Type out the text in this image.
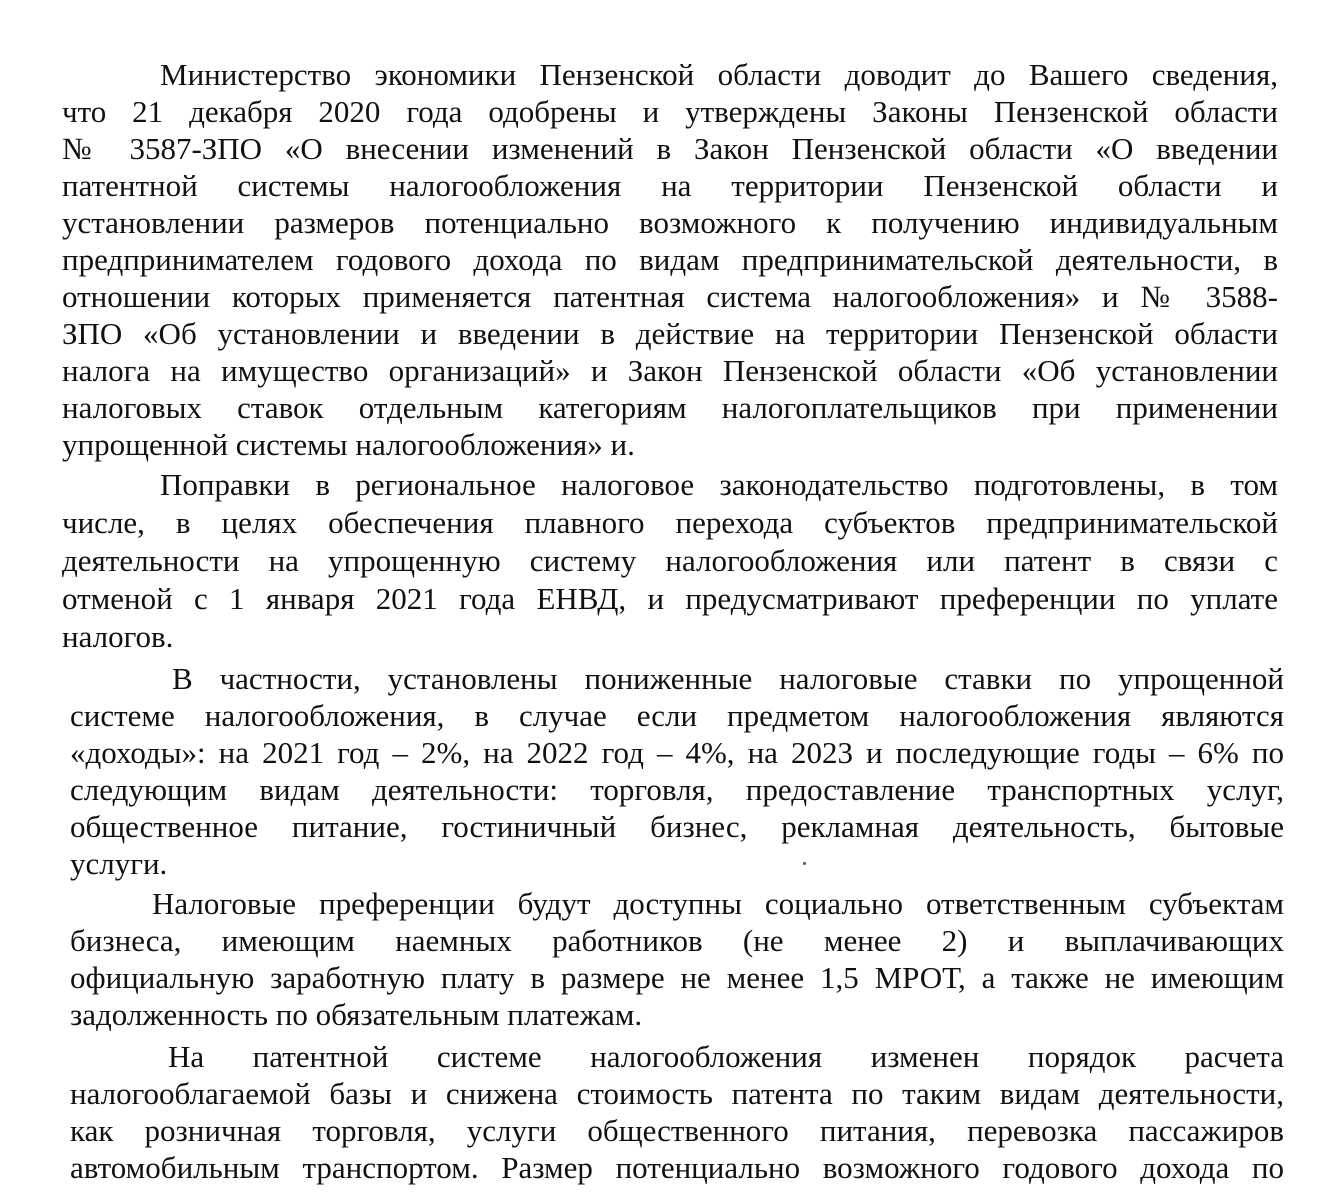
Министерство экономики Пензенской области доводит до Вашего сведения,
что 21 декабря 2020 года одобрены и утверждены Законы Пензенской области
№ 3587-ЗПО «О внесении изменений в Закон Пензенской области «О введении
патентной системы налогообложения на территории Пензенской области и
установлении размеров потенциально возможного к получению индивидуальным
предпринимателем годового дохода по видам предпринимательской деятельности, в
отношении которых применяется патентная система налогообложения» и № 3588-
ЗПО «Об установлении и введении в действие на территории Пензенской области
налога на имущество организаций» и Закон Пензенской области «Об установлении
налоговых ставок отдельным категориям налогоплательщиков при применении
упрощенной системы налогообложения» и.
Поправки в региональное налоговое законодательство подготовлены, в том
числе, в целях обеспечения плавного перехода субъектов предпринимательской
деятельности на упрощенную систему налогообложения или патент в связи с
отменой с 1 января 2021 года ЕНВД, и предусматривают преференции по уплате
налогов.
В частности, установлены пониженные налоговые ставки по упрощенной
системе налогообложения, в случае если предметом налогообложения являются
«доходы»: на 2021 год – 2%, на 2022 год – 4%, на 2023 и последующие годы – 6% по
следующим видам деятельности: торговля, предоставление транспортных услуг,
общественное питание, гостиничный бизнес, рекламная деятельность, бытовые
услуги.
Налоговые преференции будут доступны социально ответственным субъектам
бизнеса, имеющим наемных работников (не менее 2) и выплачивающих
официальную заработную плату в размере не менее 1,5 МРОТ, а также не имеющим
задолженность по обязательным платежам.
На патентной системе налогообложения изменен порядок расчета
налогооблагаемой базы и снижена стоимость патента по таким видам деятельности,
как розничная торговля, услуги общественного питания, перевозка пассажиров
автомобильным транспортом. Размер потенциально возможного годового дохода по
